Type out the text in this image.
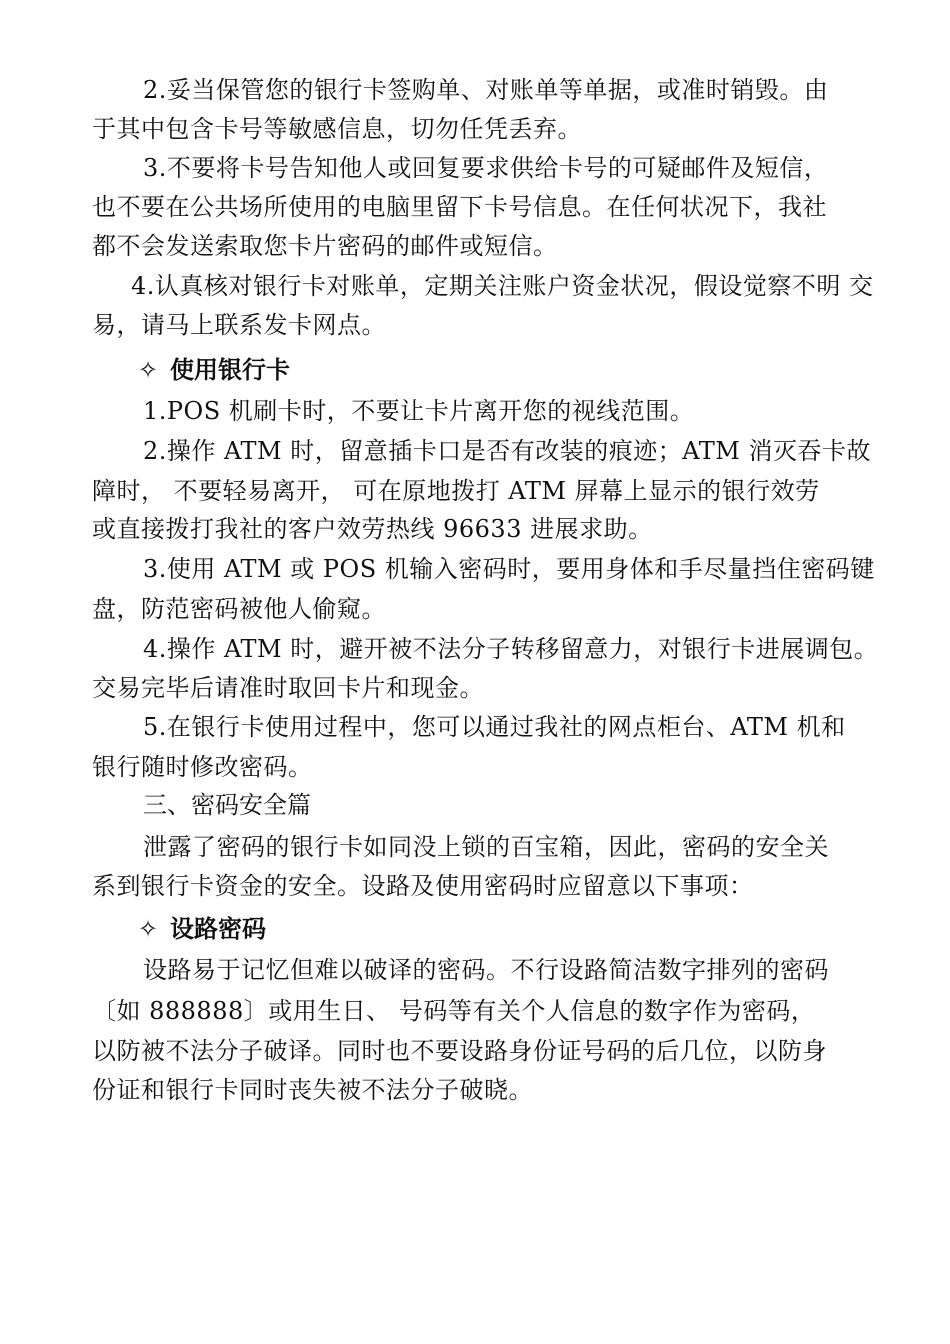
2.妥当保管您的银行卡签购单、对账单等单据，或准时销毁。由
于其中包含卡号等敏感信息，切勿任凭丢弃。
3.不要将卡号告知他人或回复要求供给卡号的可疑邮件及短信，
也不要在公共场所使用的电脑里留下卡号信息。在任何状况下，我社
都不会发送索取您卡片密码的邮件或短信。
4.认真核对银行卡对账单，定期关注账户资金状况，假设觉察不明 交
易，请马上联系发卡网点。
✧ 使用银行卡
1.POS 机刷卡时，不要让卡片离开您的视线范围。
2.操作 ATM 时，留意插卡口是否有改装的痕迹；ATM 消灭吞卡故
障时， 不要轻易离开， 可在原地拨打 ATM 屏幕上显示的银行效劳
或直接拨打我社的客户效劳热线 96633 进展求助。
3.使用 ATM 或 POS 机输入密码时，要用身体和手尽量挡住密码键
盘，防范密码被他人偷窥。
4.操作 ATM 时，避开被不法分子转移留意力，对银行卡进展调包。
交易完毕后请准时取回卡片和现金。
5.在银行卡使用过程中，您可以通过我社的网点柜台、ATM 机和
银行随时修改密码。
三、密码安全篇
泄露了密码的银行卡如同没上锁的百宝箱，因此，密码的安全关
系到银行卡资金的安全。设路及使用密码时应留意以下事项：
✧ 设路密码
设路易于记忆但难以破译的密码。不行设路简洁数字排列的密码
〔如 888888〕或用生日、 号码等有关个人信息的数字作为密码，
以防被不法分子破译。同时也不要设路身份证号码的后几位，以防身
份证和银行卡同时丧失被不法分子破晓。
